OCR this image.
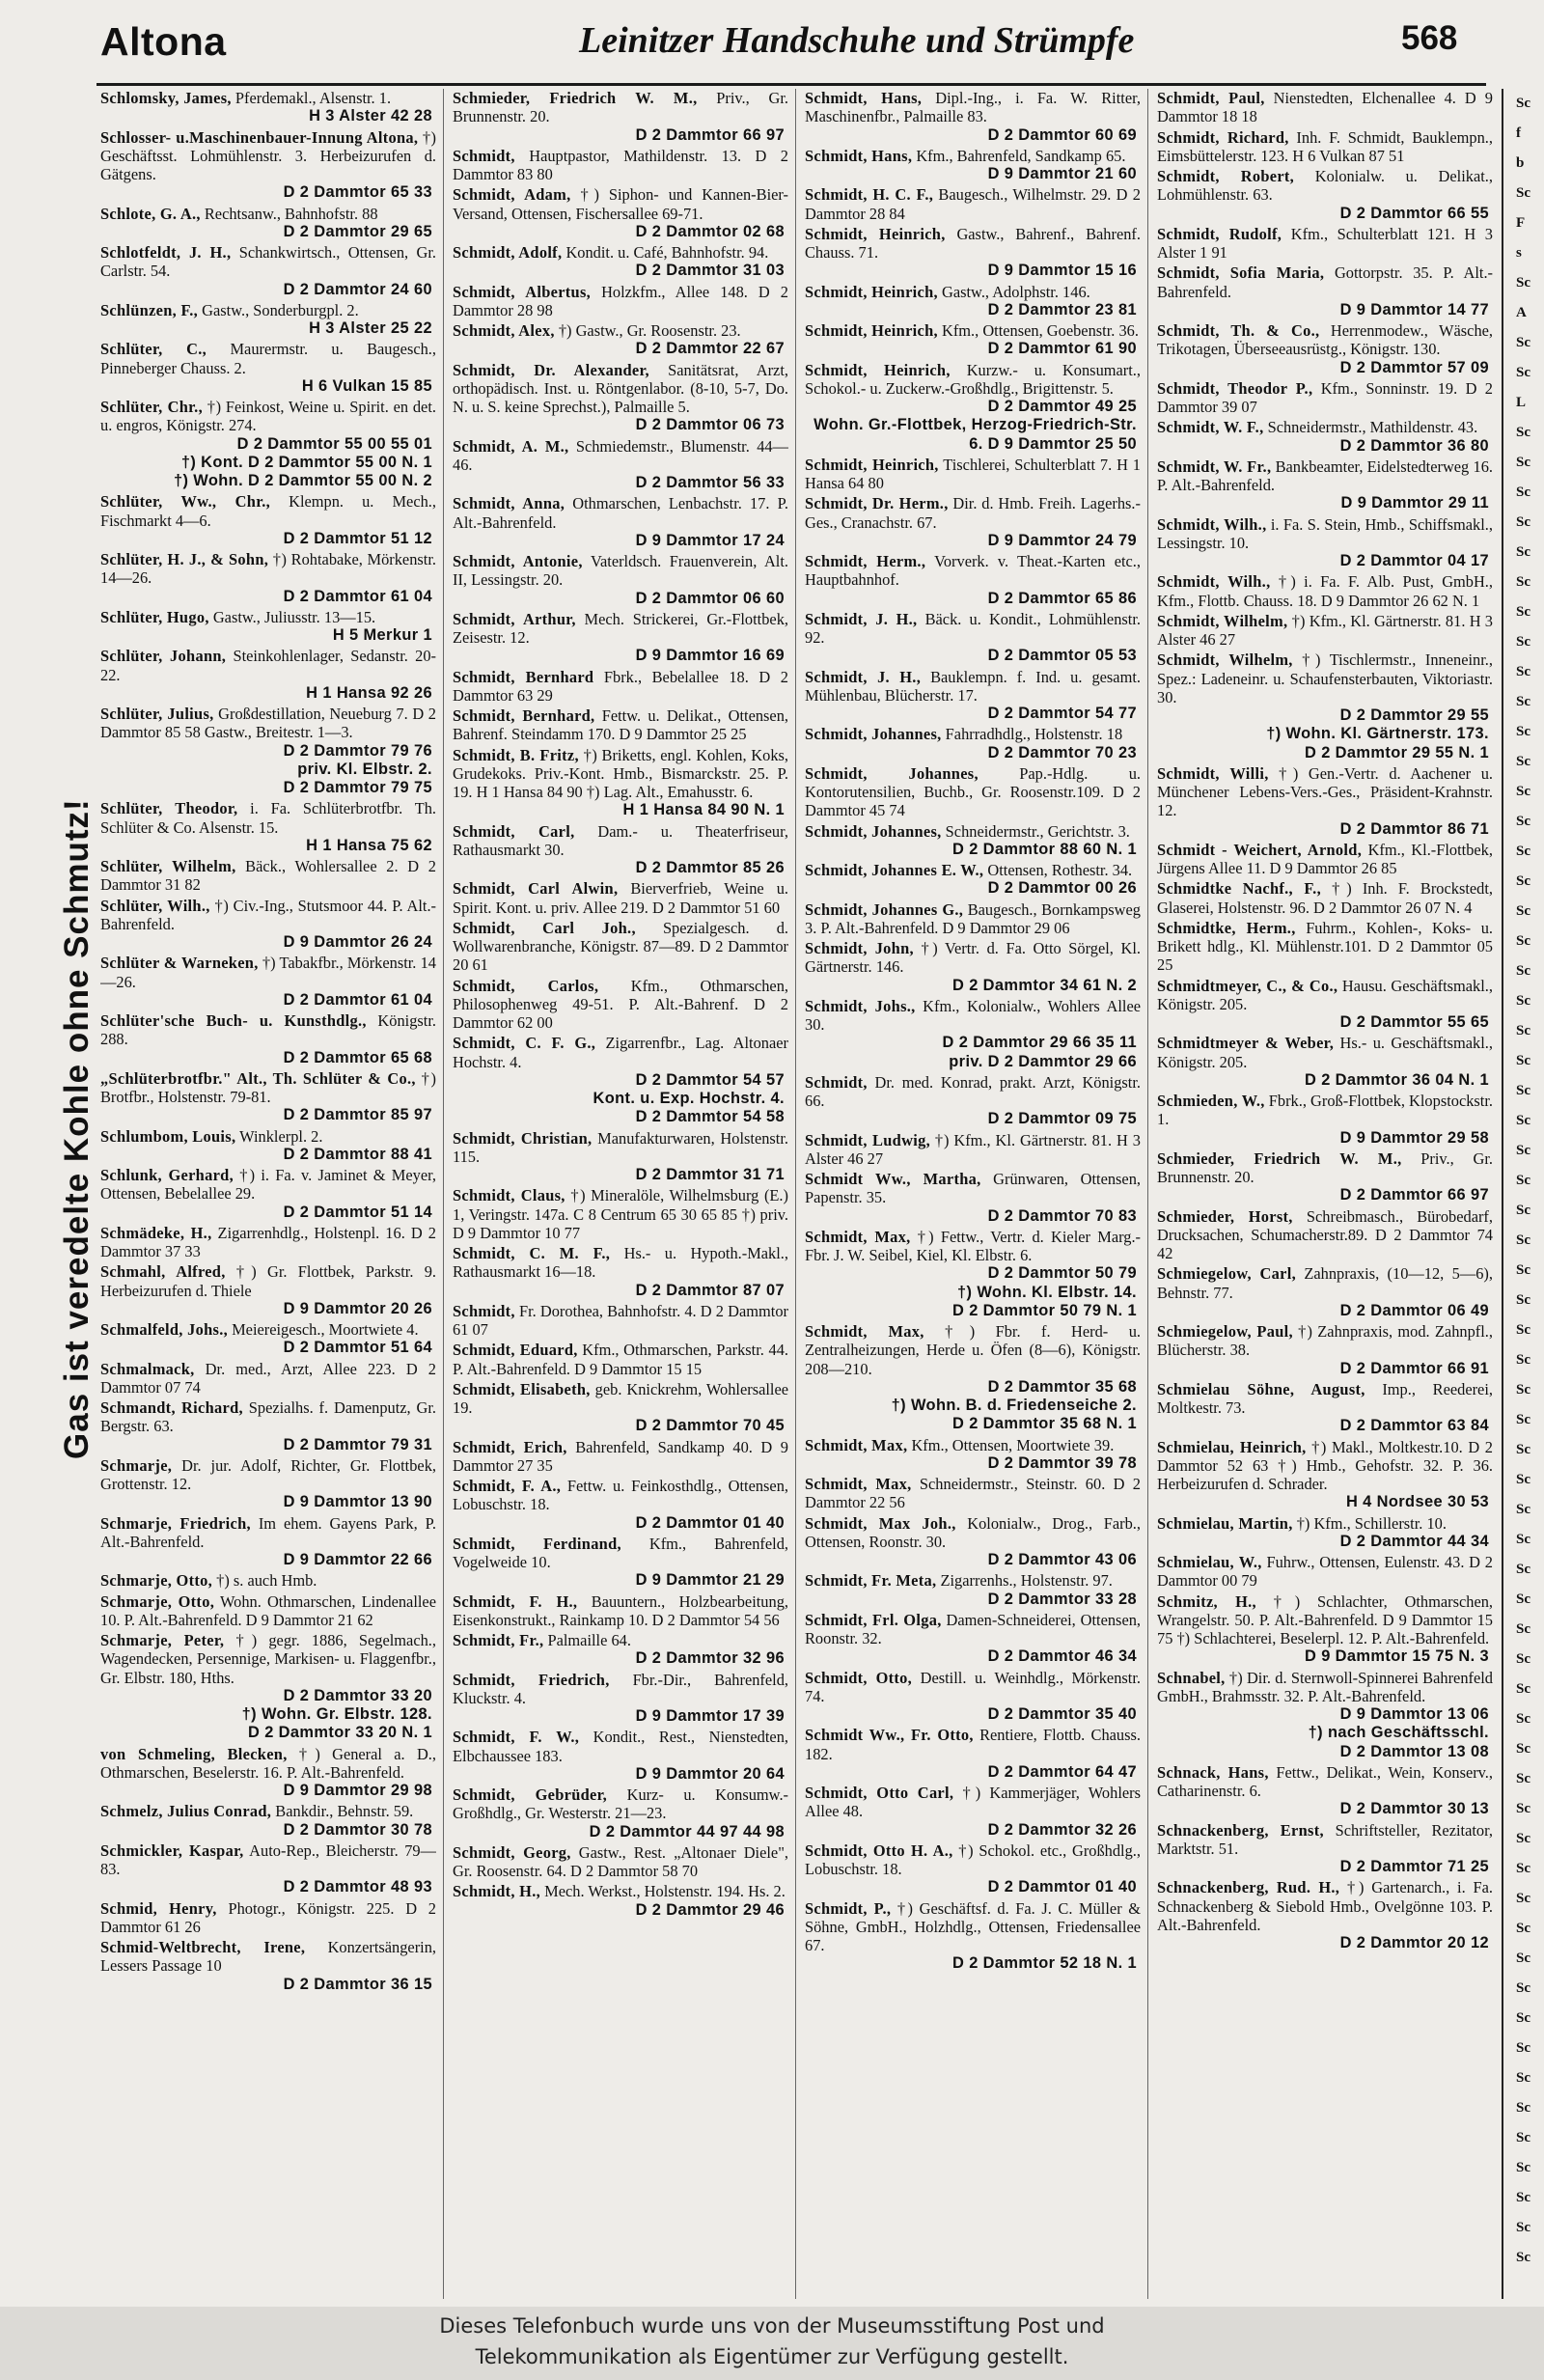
Altona	Leinitzer Handschuhe und Strümpfe	568
Gas ist veredelte Kohle ohne Schmutz!
Schlomsky, James, Pferdemakl., Alsenstr. 1.
H 3 Alster 42 28
Schlosser- u.Maschinenbauer-Innung Altona, †) Geschäftsst. Lohmühlenstr. 3. Herbeizurufen d. Gätgens.
D 2 Dammtor 65 33
Schlote, G. A., Rechtsanw., Bahnhofstr. 88
D 2 Dammtor 29 65
Schlotfeldt, J. H., Schankwirtsch., Ottensen, Gr. Carlstr. 54.
D 2 Dammtor 24 60
Schlünzen, F., Gastw., Sonderburgpl. 2.
H 3 Alster 25 22
Schlüter, C., Maurermstr. u. Baugesch., Pinneberger Chauss. 2.
H 6 Vulkan 15 85
Schlüter, Chr., †) Feinkost, Weine u. Spirit. en det. u. engros, Königstr. 274.
D 2 Dammtor 55 00 55 01
†) Kont. D 2 Dammtor 55 00 N. 1
†) Wohn. D 2 Dammtor 55 00 N. 2
Schlüter, Ww., Chr., Klempn. u. Mech., Fischmarkt 4—6.
D 2 Dammtor 51 12
Schlüter, H. J., & Sohn, †) Rohtabake, Mörkenstr. 14—26.
D 2 Dammtor 61 04
Schlüter, Hugo, Gastw., Juliusstr. 13—15.
H 5 Merkur 1
Schlüter, Johann, Steinkohlenlager, Sedanstr. 20-22.
H 1 Hansa 92 26
Schlüter, Julius, Großdestillation, Neueburg 7. D 2 Dammtor 85 58 Gastw., Breitestr. 1—3.
D 2 Dammtor 79 76
priv. Kl. Elbstr. 2.
D 2 Dammtor 79 75
Schlüter, Theodor, i. Fa. Schlüterbrotfbr. Th. Schlüter & Co. Alsenstr. 15.
H 1 Hansa 75 62
Schlüter, Wilhelm, Bäck., Wohlersallee 2. D 2 Dammtor 31 82
Schlüter, Wilh., †) Civ.-Ing., Stutsmoor 44. P. Alt.-Bahrenfeld.
D 9 Dammtor 26 24
Schlüter & Warneken, †) Tabakfbr., Mörkenstr. 14—26.
D 2 Dammtor 61 04
Schlüter'sche Buch- u. Kunsthdlg., Königstr. 288.
D 2 Dammtor 65 68
„Schlüterbrotfbr." Alt., Th. Schlüter & Co., †) Brotfbr., Holstenstr. 79-81.
D 2 Dammtor 85 97
Schlumbom, Louis, Winklerpl. 2.
D 2 Dammtor 88 41
Schlunk, Gerhard, †) i. Fa. v. Jaminet & Meyer, Ottensen, Bebelallee 29.
D 2 Dammtor 51 14
Schmädeke, H., Zigarrenhdlg., Holstenpl. 16. D 2 Dammtor 37 33
Schmahl, Alfred, †) Gr. Flottbek, Parkstr. 9. Herbeizurufen d. Thiele
D 9 Dammtor 20 26
Schmalfeld, Johs., Meiereigesch., Moortwiete 4.
D 2 Dammtor 51 64
Schmalmack, Dr. med., Arzt, Allee 223. D 2 Dammtor 07 74
Schmandt, Richard, Spezialhs. f. Damenputz, Gr. Bergstr. 63.
D 2 Dammtor 79 31
Schmarje, Dr. jur. Adolf, Richter, Gr. Flottbek, Grottenstr. 12.
D 9 Dammtor 13 90
Schmarje, Friedrich, Im ehem. Gayens Park, P. Alt.-Bahrenfeld.
D 9 Dammtor 22 66
Schmarje, Otto, †) s. auch Hmb.
Schmarje, Otto, Wohn. Othmarschen, Lindenallee 10. P. Alt.-Bahrenfeld. D 9 Dammtor 21 62
Schmarje, Peter, †) gegr. 1886, Segelmach., Wagendecken, Persennige, Markisen- u. Flaggenfbr., Gr. Elbstr. 180, Hths.
D 2 Dammtor 33 20
†) Wohn. Gr. Elbstr. 128.
D 2 Dammtor 33 20 N. 1
von Schmeling, Blecken, †) General a. D., Othmarschen, Beselerstr. 16. P. Alt.-Bahrenfeld.
D 9 Dammtor 29 98
Schmelz, Julius Conrad, Bankdir., Behnstr. 59.
D 2 Dammtor 30 78
Schmickler, Kaspar, Auto-Rep., Bleicherstr. 79—83.
D 2 Dammtor 48 93
Schmid, Henry, Photogr., Königstr. 225. D 2 Dammtor 61 26
Schmid-Weltbrecht, Irene, Konzertsängerin, Lessers Passage 10
D 2 Dammtor 36 15
Schmieder, Friedrich W. M., Priv., Gr. Brunnenstr. 20.
D 2 Dammtor 66 97
Schmidt, Hauptpastor, Mathildenstr. 13. D 2 Dammtor 83 80
Schmidt, Adam, †) Siphon- und Kannen-Bier-Versand, Ottensen, Fischersallee 69-71.
D 2 Dammtor 02 68
Schmidt, Adolf, Kondit. u. Café, Bahnhofstr. 94.
D 2 Dammtor 31 03
Schmidt, Albertus, Holzkfm., Allee 148. D 2 Dammtor 28 98
Schmidt, Alex, †) Gastw., Gr. Roosenstr. 23.
D 2 Dammtor 22 67
Schmidt, Dr. Alexander, Sanitätsrat, Arzt, orthopädisch. Inst. u. Röntgenlabor. (8-10, 5-7, Do. N. u. S. keine Sprechst.), Palmaille 5.
D 2 Dammtor 06 73
Schmidt, A. M., Schmiedemstr., Blumenstr. 44—46.
D 2 Dammtor 56 33
Schmidt, Anna, Othmarschen, Lenbachstr. 17. P. Alt.-Bahrenfeld.
D 9 Dammtor 17 24
Schmidt, Antonie, Vaterldsch. Frauenverein, Alt. II, Lessingstr. 20.
D 2 Dammtor 06 60
Schmidt, Arthur, Mech. Strickerei, Gr.-Flottbek, Zeisestr. 12.
D 9 Dammtor 16 69
Schmidt, Bernhard Fbrk., Bebelallee 18. D 2 Dammtor 63 29
Schmidt, Bernhard, Fettw. u. Delikat., Ottensen, Bahrenf. Steindamm 170. D 9 Dammtor 25 25
Schmidt, B. Fritz, †) Briketts, engl. Kohlen, Koks, Grudekoks. Priv.-Kont. Hmb., Bismarckstr. 25. P. 19. H 1 Hansa 84 90 †) Lag. Alt., Emahusstr. 6.
H 1 Hansa 84 90 N. 1
Schmidt, Carl, Dam.- u. Theaterfriseur, Rathausmarkt 30.
D 2 Dammtor 85 26
Schmidt, Carl Alwin, Bierverfrieb, Weine u. Spirit. Kont. u. priv. Allee 219. D 2 Dammtor 51 60
Schmidt, Carl Joh., Spezialgesch. d. Wollwarenbranche, Königstr. 87—89. D 2 Dammtor 20 61
Schmidt, Carlos, Kfm., Othmarschen, Philosophenweg 49-51. P. Alt.-Bahrenf. D 2 Dammtor 62 00
Schmidt, C. F. G., Zigarrenfbr., Lag. Altonaer Hochstr. 4.
D 2 Dammtor 54 57
Kont. u. Exp. Hochstr. 4.
D 2 Dammtor 54 58
Schmidt, Christian, Manufakturwaren, Holstenstr. 115.
D 2 Dammtor 31 71
Schmidt, Claus, †) Mineralöle, Wilhelmsburg (E.) 1, Veringstr. 147a. C 8 Centrum 65 30 65 85 †) priv. D 9 Dammtor 10 77
Schmidt, C. M. F., Hs.- u. Hypoth.-Makl., Rathausmarkt 16—18.
D 2 Dammtor 87 07
Schmidt, Fr. Dorothea, Bahnhofstr. 4. D 2 Dammtor 61 07
Schmidt, Eduard, Kfm., Othmarschen, Parkstr. 44. P. Alt.-Bahrenfeld. D 9 Dammtor 15 15
Schmidt, Elisabeth, geb. Knickrehm, Wohlersallee 19.
D 2 Dammtor 70 45
Schmidt, Erich, Bahrenfeld, Sandkamp 40. D 9 Dammtor 27 35
Schmidt, F. A., Fettw. u. Feinkosthdlg., Ottensen, Lobuschstr. 18.
D 2 Dammtor 01 40
Schmidt, Ferdinand, Kfm., Bahrenfeld, Vogelweide 10.
D 9 Dammtor 21 29
Schmidt, F. H., Bauuntern., Holzbearbeitung, Eisenkonstrukt., Rainkamp 10. D 2 Dammtor 54 56
Schmidt, Fr., Palmaille 64.
D 2 Dammtor 32 96
Schmidt, Friedrich, Fbr.-Dir., Bahrenfeld, Kluckstr. 4.
D 9 Dammtor 17 39
Schmidt, F. W., Kondit., Rest., Nienstedten, Elbchaussee 183.
D 9 Dammtor 20 64
Schmidt, Gebrüder, Kurz- u. Konsumw.-Großhdlg., Gr. Westerstr. 21—23.
D 2 Dammtor 44 97 44 98
Schmidt, Georg, Gastw., Rest. „Altonaer Diele", Gr. Roosenstr. 64. D 2 Dammtor 58 70
Schmidt, H., Mech. Werkst., Holstenstr. 194. Hs. 2.
D 2 Dammtor 29 46
Schmidt, Hans, Dipl.-Ing., i. Fa. W. Ritter, Maschinenfbr., Palmaille 83.
D 2 Dammtor 60 69
Schmidt, Hans, Kfm., Bahrenfeld, Sandkamp 65.
D 9 Dammtor 21 60
Schmidt, H. C. F., Baugesch., Wilhelmstr. 29. D 2 Dammtor 28 84
Schmidt, Heinrich, Gastw., Bahrenf., Bahrenf. Chauss. 71.
D 9 Dammtor 15 16
Schmidt, Heinrich, Gastw., Adolphstr. 146.
D 2 Dammtor 23 81
Schmidt, Heinrich, Kfm., Ottensen, Goebenstr. 36.
D 2 Dammtor 61 90
Schmidt, Heinrich, Kurzw.- u. Konsumart., Schokol.- u. Zuckerw.-Großhdlg., Brigittenstr. 5.
D 2 Dammtor 49 25
Wohn. Gr.-Flottbek, Herzog-Friedrich-Str. 6. D 9 Dammtor 25 50
Schmidt, Heinrich, Tischlerei, Schulterblatt 7. H 1 Hansa 64 80
Schmidt, Dr. Herm., Dir. d. Hmb. Freih. Lagerhs.-Ges., Cranachstr. 67.
D 9 Dammtor 24 79
Schmidt, Herm., Vorverk. v. Theat.-Karten etc., Hauptbahnhof.
D 2 Dammtor 65 86
Schmidt, J. H., Bäck. u. Kondit., Lohmühlenstr. 92.
D 2 Dammtor 05 53
Schmidt, J. H., Bauklempn. f. Ind. u. gesamt. Mühlenbau, Blücherstr. 17.
D 2 Dammtor 54 77
Schmidt, Johannes, Fahrradhdlg., Holstenstr. 18
D 2 Dammtor 70 23
Schmidt, Johannes, Pap.-Hdlg. u. Kontorutensilien, Buchb., Gr. Roosenstr.109. D 2 Dammtor 45 74
Schmidt, Johannes, Schneidermstr., Gerichtstr. 3.
D 2 Dammtor 88 60 N. 1
Schmidt, Johannes E. W., Ottensen, Rothestr. 34.
D 2 Dammtor 00 26
Schmidt, Johannes G., Baugesch., Bornkampsweg 3. P. Alt.-Bahrenfeld. D 9 Dammtor 29 06
Schmidt, John, †) Vertr. d. Fa. Otto Sörgel, Kl. Gärtnerstr. 146.
D 2 Dammtor 34 61 N. 2
Schmidt, Johs., Kfm., Kolonialw., Wohlers Allee 30.
D 2 Dammtor 29 66 35 11
priv. D 2 Dammtor 29 66
Schmidt, Dr. med. Konrad, prakt. Arzt, Königstr. 66.
D 2 Dammtor 09 75
Schmidt, Ludwig, †) Kfm., Kl. Gärtnerstr. 81. H 3 Alster 46 27
Schmidt Ww., Martha, Grünwaren, Ottensen, Papenstr. 35.
D 2 Dammtor 70 83
Schmidt, Max, †) Fettw., Vertr. d. Kieler Marg.-Fbr. J. W. Seibel, Kiel, Kl. Elbstr. 6.
D 2 Dammtor 50 79
†) Wohn. Kl. Elbstr. 14.
D 2 Dammtor 50 79 N. 1
Schmidt, Max, †) Fbr. f. Herd- u. Zentralheizungen, Herde u. Öfen (8—6), Königstr. 208—210.
D 2 Dammtor 35 68
†) Wohn. B. d. Friedenseiche 2.
D 2 Dammtor 35 68 N. 1
Schmidt, Max, Kfm., Ottensen, Moortwiete 39.
D 2 Dammtor 39 78
Schmidt, Max, Schneidermstr., Steinstr. 60. D 2 Dammtor 22 56
Schmidt, Max Joh., Kolonialw., Drog., Farb., Ottensen, Roonstr. 30.
D 2 Dammtor 43 06
Schmidt, Fr. Meta, Zigarrenhs., Holstenstr. 97.
D 2 Dammtor 33 28
Schmidt, Frl. Olga, Damen-Schneiderei, Ottensen, Roonstr. 32.
D 2 Dammtor 46 34
Schmidt, Otto, Destill. u. Weinhdlg., Mörkenstr. 74.
D 2 Dammtor 35 40
Schmidt Ww., Fr. Otto, Rentiere, Flottb. Chauss. 182.
D 2 Dammtor 64 47
Schmidt, Otto Carl, †) Kammerjäger, Wohlers Allee 48.
D 2 Dammtor 32 26
Schmidt, Otto H. A., †) Schokol. etc., Großhdlg., Lobuschstr. 18.
D 2 Dammtor 01 40
Schmidt, P., †) Geschäftsf. d. Fa. J. C. Müller & Söhne, GmbH., Holzhdlg., Ottensen, Friedensallee 67.
D 2 Dammtor 52 18 N. 1
Schmidt, Paul, Nienstedten, Elchenallee 4. D 9 Dammtor 18 18
Schmidt, Richard, Inh. F. Schmidt, Bauklempn., Eimsbüttelerstr. 123. H 6 Vulkan 87 51
Schmidt, Robert, Kolonialw. u. Delikat., Lohmühlenstr. 63.
D 2 Dammtor 66 55
Schmidt, Rudolf, Kfm., Schulterblatt 121. H 3 Alster 1 91
Schmidt, Sofia Maria, Gottorpstr. 35. P. Alt.-Bahrenfeld.
D 9 Dammtor 14 77
Schmidt, Th. & Co., Herrenmodew., Wäsche, Trikotagen, Überseeausrüstg., Königstr. 130.
D 2 Dammtor 57 09
Schmidt, Theodor P., Kfm., Sonninstr. 19. D 2 Dammtor 39 07
Schmidt, W. F., Schneidermstr., Mathildenstr. 43.
D 2 Dammtor 36 80
Schmidt, W. Fr., Bankbeamter, Eidelstedterweg 16. P. Alt.-Bahrenfeld.
D 9 Dammtor 29 11
Schmidt, Wilh., i. Fa. S. Stein, Hmb., Schiffsmakl., Lessingstr. 10.
D 2 Dammtor 04 17
Schmidt, Wilh., †) i. Fa. F. Alb. Pust, GmbH., Kfm., Flottb. Chauss. 18. D 9 Dammtor 26 62 N. 1
Schmidt, Wilhelm, †) Kfm., Kl. Gärtnerstr. 81. H 3 Alster 46 27
Schmidt, Wilhelm, †) Tischlermstr., Inneneinr., Spez.: Ladeneinr. u. Schaufensterbauten, Viktoriastr. 30.
D 2 Dammtor 29 55
†) Wohn. Kl. Gärtnerstr. 173.
D 2 Dammtor 29 55 N. 1
Schmidt, Willi, †) Gen.-Vertr. d. Aachener u. Münchener Lebens-Vers.-Ges., Präsident-Krahnstr. 12.
D 2 Dammtor 86 71
Schmidt - Weichert, Arnold, Kfm., Kl.-Flottbek, Jürgens Allee 11. D 9 Dammtor 26 85
Schmidtke Nachf., F., †) Inh. F. Brockstedt, Glaserei, Holstenstr. 96. D 2 Dammtor 26 07 N. 4
Schmidtke, Herm., Fuhrm., Kohlen-, Koks- u. Brikett hdlg., Kl. Mühlenstr.101. D 2 Dammtor 05 25
Schmidtmeyer, C., & Co., Hausu. Geschäftsmakl., Königstr. 205.
D 2 Dammtor 55 65
Schmidtmeyer & Weber, Hs.- u. Geschäftsmakl., Königstr. 205.
D 2 Dammtor 36 04 N. 1
Schmieden, W., Fbrk., Groß-Flottbek, Klopstockstr. 1.
D 9 Dammtor 29 58
Schmieder, Friedrich W. M., Priv., Gr. Brunnenstr. 20.
D 2 Dammtor 66 97
Schmieder, Horst, Schreibmasch., Bürobedarf, Drucksachen, Schumacherstr.89. D 2 Dammtor 74 42
Schmiegelow, Carl, Zahnpraxis, (10—12, 5—6), Behnstr. 77.
D 2 Dammtor 06 49
Schmiegelow, Paul, †) Zahnpraxis, mod. Zahnpfl., Blücherstr. 38.
D 2 Dammtor 66 91
Schmielau Söhne, August, Imp., Reederei, Moltkestr. 73.
D 2 Dammtor 63 84
Schmielau, Heinrich, †) Makl., Moltkestr.10. D 2 Dammtor 52 63 †) Hmb., Gehofstr. 32. P. 36. Herbeizurufen d. Schrader.
H 4 Nordsee 30 53
Schmielau, Martin, †) Kfm., Schillerstr. 10.
D 2 Dammtor 44 34
Schmielau, W., Fuhrw., Ottensen, Eulenstr. 43. D 2 Dammtor 00 79
Schmitz, H., †) Schlachter, Othmarschen, Wrangelstr. 50. P. Alt.-Bahrenfeld. D 9 Dammtor 15 75 †) Schlachterei, Beselerpl. 12. P. Alt.-Bahrenfeld.
D 9 Dammtor 15 75 N. 3
Schnabel, †) Dir. d. Sternwoll-Spinnerei Bahrenfeld GmbH., Brahmsstr. 32. P. Alt.-Bahrenfeld.
D 9 Dammtor 13 06
†) nach Geschäftsschl.
D 2 Dammtor 13 08
Schnack, Hans, Fettw., Delikat., Wein, Konserv., Catharinenstr. 6.
D 2 Dammtor 30 13
Schnackenberg, Ernst, Schriftsteller, Rezitator, Marktstr. 51.
D 2 Dammtor 71 25
Schnackenberg, Rud. H., †) Gartenarch., i. Fa. Schnackenberg & Siebold Hmb., Ovelgönne 103. P. Alt.-Bahrenfeld.
D 2 Dammtor 20 12
Sc
f
b
Sc
F
s
Sc
A
Sc
Sc
L
Sc
Sc
Sc
Sc
Sc
Sc
Sc
Sc
Sc
Sc
Sc
Sc
Sc
Sc
Sc
Sc
Sc
Sc
Sc
Sc
Sc
Sc
Sc
Sc
Sc
Sc
Sc
Sc
Sc
Sc
Sc
Sc
Sc
Sc
Sc
Sc
Sc
Sc
Sc
Sc
Sc
Sc
Sc
Sc
Sc
Sc
Sc
Sc
Sc
Sc
Sc
Sc
Sc
Sc
Sc
Sc
Sc
Sc
Sc
Sc
Sc
Sc
Dieses Telefonbuch wurde uns von der Museumsstiftung Post und
Telekommunikation als Eigentümer zur Verfügung gestellt.
